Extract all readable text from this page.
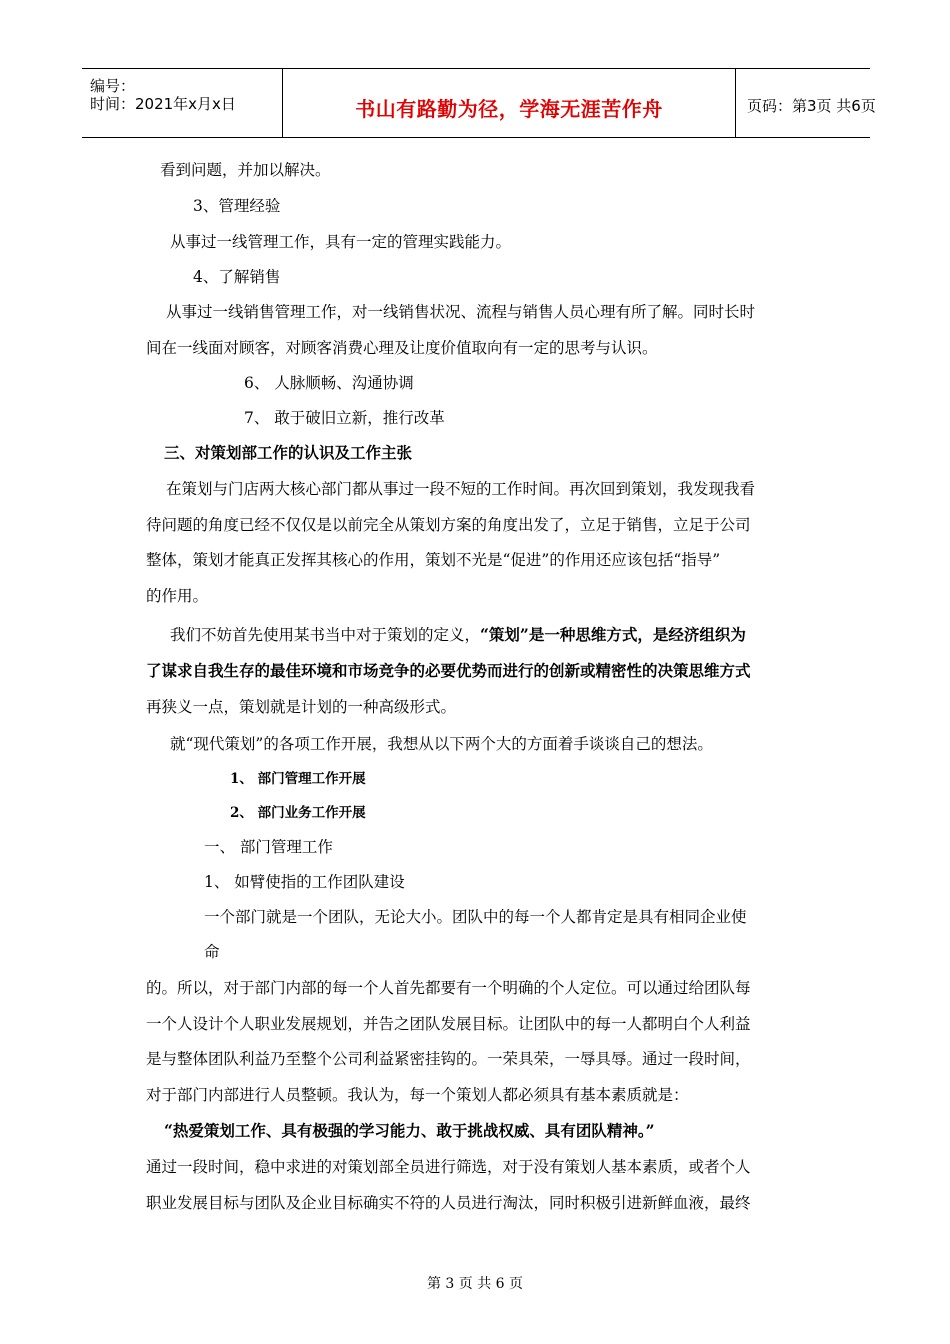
编号：
时间：2021年x月x日	书山有路勤为径，学海无涯苦作舟	页码：第3页 共6页
看到问题，并加以解决。
3、管理经验
从事过一线管理工作，具有一定的管理实践能力。
4、了解销售
从事过一线销售管理工作，对一线销售状况、流程与销售人员心理有所了解。同时长时
间在一线面对顾客，对顾客消费心理及让度价值取向有一定的思考与认识。
6、 人脉顺畅、沟通协调
7、 敢于破旧立新，推行改革
三、对策划部工作的认识及工作主张
在策划与门店两大核心部门都从事过一段不短的工作时间。再次回到策划，我发现我看
待问题的角度已经不仅仅是以前完全从策划方案的角度出发了，立足于销售，立足于公司
整体，策划才能真正发挥其核心的作用，策划不光是“促进”的作用还应该包括“指导”
的作用。
我们不妨首先使用某书当中对于策划的定义，“策划”是一种思维方式，是经济组织为
了谋求自我生存的最佳环境和市场竞争的必要优势而进行的创新或精密性的决策思维方式
再狭义一点，策划就是计划的一种高级形式。
就“现代策划”的各项工作开展，我想从以下两个大的方面着手谈谈自己的想法。
1、 部门管理工作开展
2、 部门业务工作开展
一、 部门管理工作
1、 如臂使指的工作团队建设
一个部门就是一个团队，无论大小。团队中的每一个人都肯定是具有相同企业使
命
的。所以，对于部门内部的每一个人首先都要有一个明确的个人定位。可以通过给团队每
一个人设计个人职业发展规划，并告之团队发展目标。让团队中的每一人都明白个人利益
是与整体团队利益乃至整个公司利益紧密挂钩的。一荣具荣，一辱具辱。通过一段时间，
对于部门内部进行人员整顿。我认为，每一个策划人都必须具有基本素质就是：
“热爱策划工作、具有极强的学习能力、敢于挑战权威、具有团队精神。”
通过一段时间，稳中求进的对策划部全员进行筛选，对于没有策划人基本素质，或者个人
职业发展目标与团队及企业目标确实不符的人员进行淘汰，同时积极引进新鲜血液，最终
第 3 页 共 6 页
